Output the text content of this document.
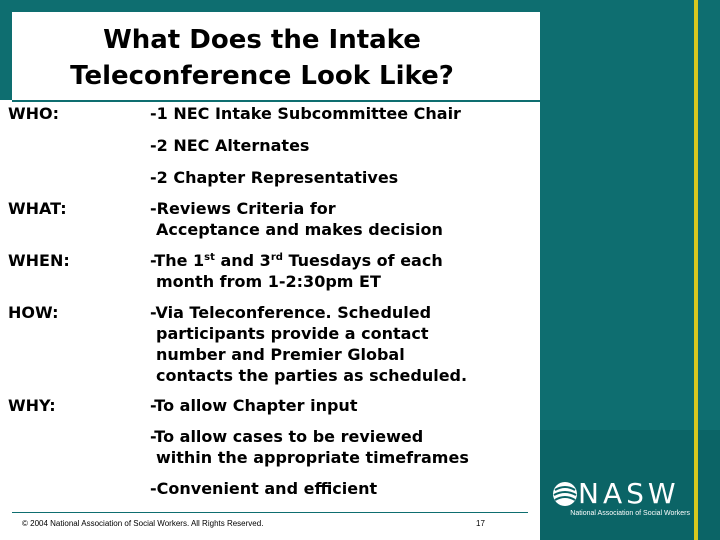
What Does the Intake
Teleconference Look Like?
WHO:	-1 NEC Intake Subcommittee Chair
-2 NEC Alternates
-2 Chapter Representatives
WHAT:	-Reviews Criteria for
Acceptance and makes decision
WHEN:	-The 1st and 3rd Tuesdays of each
month from 1-2:30pm ET
HOW:	-Via Teleconference. Scheduled
participants provide a contact
number and Premier Global
contacts the parties as scheduled.
WHY:	-To allow Chapter input
-To allow cases to be reviewed
within the appropriate timeframes
-Convenient and efficient
© 2004 National Association of Social Workers. All Rights Reserved.	17
NASW
National Association of Social Workers
